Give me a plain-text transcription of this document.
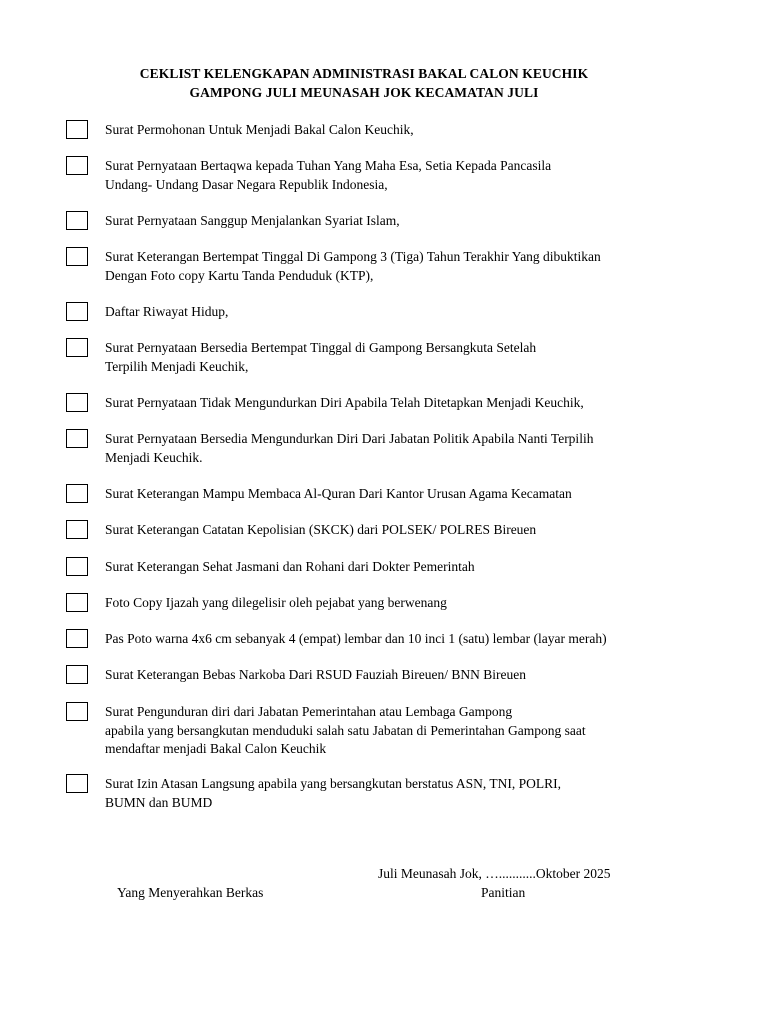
CEKLIST KELENGKAPAN ADMINISTRASI BAKAL CALON KEUCHIK
GAMPONG JULI MEUNASAH JOK KECAMATAN JULI
Surat Permohonan Untuk Menjadi Bakal Calon Keuchik,
Surat Pernyataan Bertaqwa kepada Tuhan Yang Maha Esa, Setia Kepada Pancasila
Undang- Undang Dasar Negara Republik Indonesia,
Surat Pernyataan Sanggup Menjalankan Syariat Islam,
Surat Keterangan Bertempat Tinggal Di Gampong 3 (Tiga) Tahun Terakhir Yang dibuktikan
Dengan Foto copy Kartu Tanda Penduduk (KTP),
Daftar Riwayat Hidup,
Surat Pernyataan Bersedia Bertempat Tinggal di Gampong Bersangkuta Setelah
Terpilih Menjadi Keuchik,
Surat Pernyataan Tidak Mengundurkan Diri Apabila Telah Ditetapkan Menjadi Keuchik,
Surat Pernyataan Bersedia Mengundurkan Diri Dari Jabatan Politik Apabila Nanti Terpilih
Menjadi Keuchik.
Surat Keterangan Mampu Membaca Al-Quran Dari Kantor Urusan Agama Kecamatan
Surat Keterangan Catatan Kepolisian (SKCK) dari POLSEK/ POLRES Bireuen
Surat Keterangan Sehat Jasmani dan Rohani dari Dokter Pemerintah
Foto Copy Ijazah yang dilegelisir oleh pejabat yang berwenang
Pas Poto warna 4x6 cm sebanyak 4 (empat) lembar dan 10 inci 1 (satu) lembar (layar merah)
Surat Keterangan Bebas Narkoba Dari RSUD Fauziah Bireuen/ BNN Bireuen
Surat Pengunduran diri dari Jabatan Pemerintahan atau Lembaga Gampong
apabila yang bersangkutan menduduki salah satu Jabatan di Pemerintahan Gampong saat
mendaftar menjadi Bakal Calon Keuchik
Surat Izin Atasan Langsung apabila yang bersangkutan berstatus ASN, TNI, POLRI,
BUMN dan BUMD
Juli Meunasah Jok, …...........Oktober 2025
Yang Menyerahkan Berkas	Panitian
